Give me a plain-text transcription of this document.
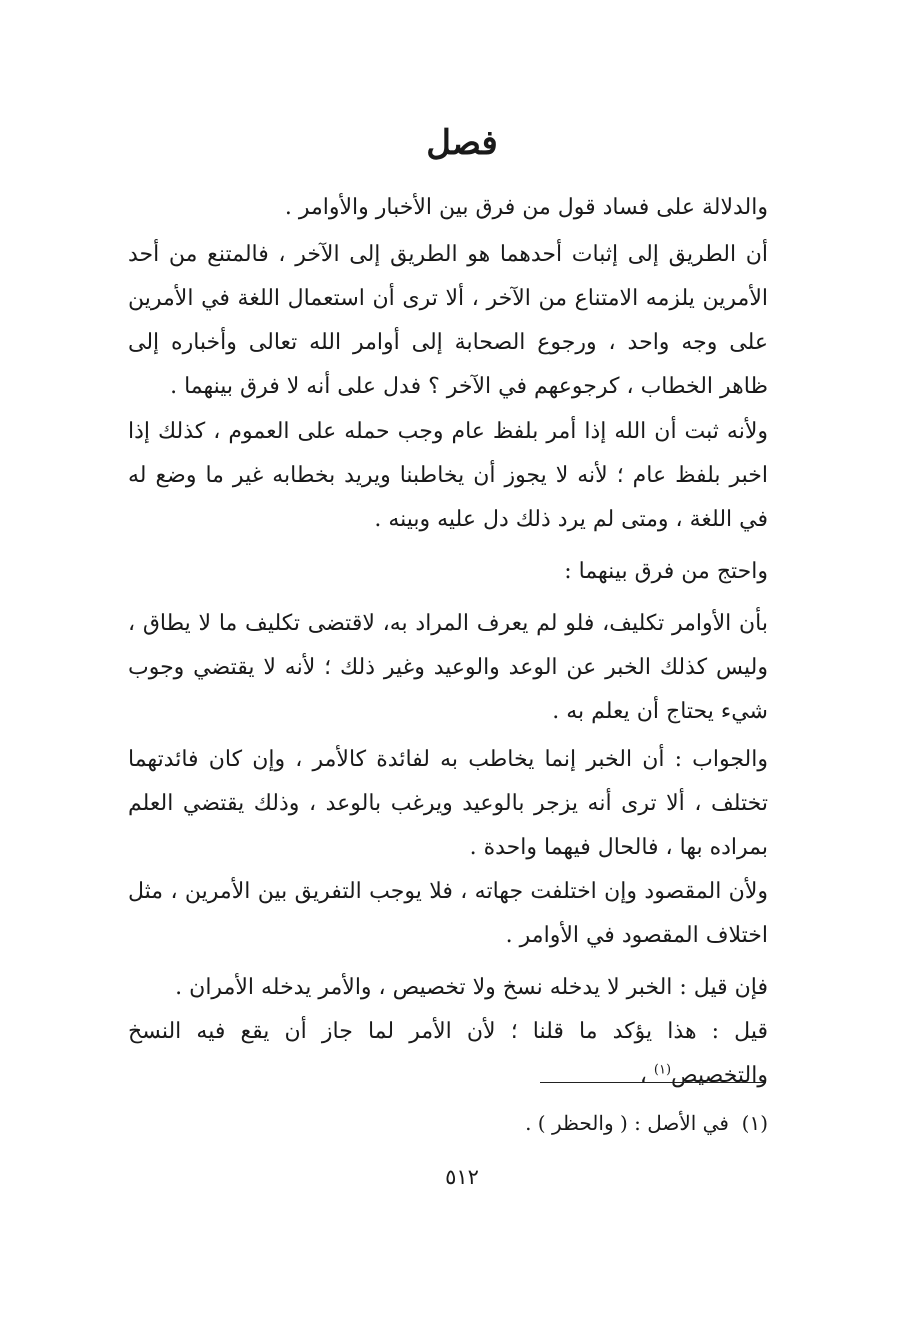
فصل

والدلالة على فساد قول من فرق بين الأخبار والأوامر .

أن الطريق إلى إثبات أحدهما هو الطريق إلى الآخر ، فالمتنع من أحد الأمرين يلزمه الامتناع من الآخر ، ألا ترى أن استعمال اللغة في الأمرين على وجه واحد ، ورجوع الصحابة إلى أوامر الله تعالى وأخباره إلى ظاهر الخطاب ، كرجوعهم في الآخر ؟ فدل على أنه لا فرق بينهما .

ولأنه ثبت أن الله إذا أمر بلفظ عام وجب حمله على العموم ، كذلك إذا اخبر بلفظ عام ؛ لأنه لا يجوز أن يخاطبنا ويريد بخطابه غير ما وضع له في اللغة ، ومتى لم يرد ذلك دل عليه وبينه .

واحتج من فرق بينهما :

بأن الأوامر تكليف، فلو لم يعرف المراد به، لاقتضى تكليف ما لا يطاق ، وليس كذلك الخبر عن الوعد والوعيد وغير ذلك ؛ لأنه لا يقتضي وجوب شيء يحتاج أن يعلم به .

والجواب : أن الخبر إنما يخاطب به لفائدة كالأمر ، وإن كان فائدتهما تختلف ، ألا ترى أنه يزجر بالوعيد ويرغب بالوعد ، وذلك يقتضي العلم بمراده بها ، فالحال فيهما واحدة .

ولأن المقصود وإن اختلفت جهاته ، فلا يوجب التفريق بين الأمرين ، مثل اختلاف المقصود في الأوامر .

فإن قيل : الخبر لا يدخله نسخ ولا تخصيص ، والأمر يدخله الأمران .

قيل : هذا يؤكد ما قلنا ؛ لأن الأمر لما جاز أن يقع فيه النسخ والتخصيص$^{(١)}$ ،

(١)  في الأصل : ( والحظر ) .

٥١٢
